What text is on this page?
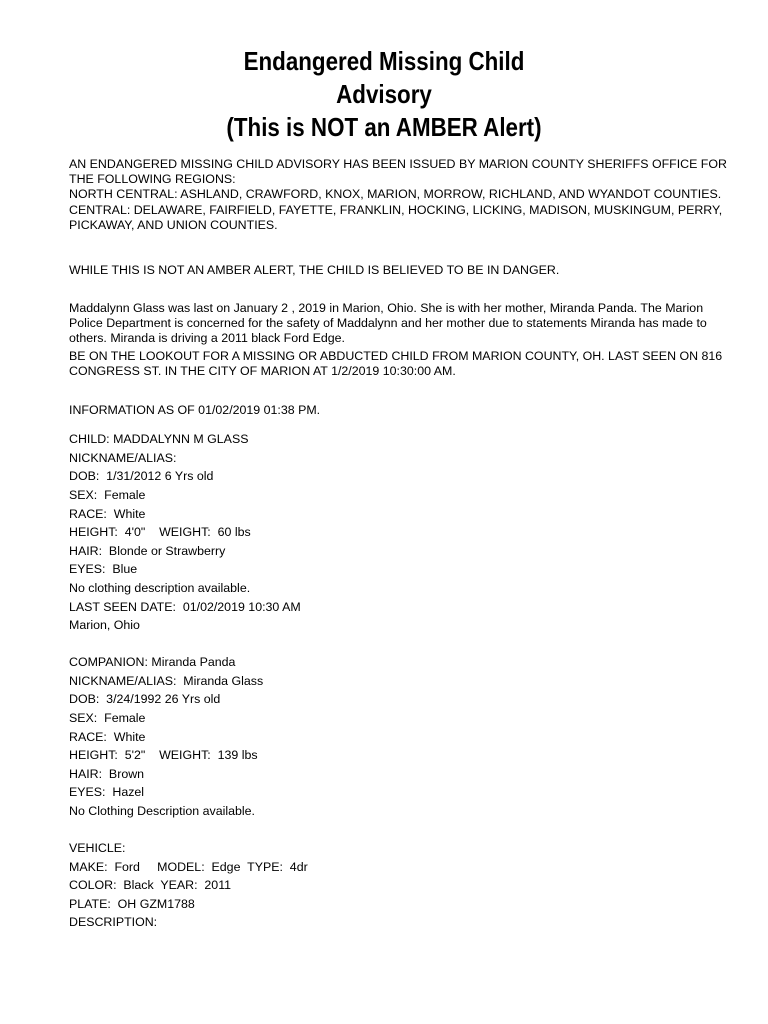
Endangered Missing Child
Advisory
(This is NOT an AMBER Alert)

AN ENDANGERED MISSING CHILD ADVISORY HAS BEEN ISSUED BY MARION COUNTY SHERIFFS OFFICE FOR THE FOLLOWING REGIONS:

NORTH CENTRAL: ASHLAND, CRAWFORD, KNOX, MARION, MORROW, RICHLAND, AND WYANDOT COUNTIES.

CENTRAL: DELAWARE, FAIRFIELD, FAYETTE, FRANKLIN, HOCKING, LICKING, MADISON, MUSKINGUM, PERRY, PICKAWAY, AND UNION COUNTIES.

WHILE THIS IS NOT AN AMBER ALERT, THE CHILD IS BELIEVED TO BE IN DANGER.

Maddalynn Glass was last on January 2 , 2019 in Marion, Ohio. She is with her mother, Miranda Panda. The Marion Police Department is concerned for the safety of Maddalynn and her mother due to statements Miranda has made to others. Miranda is driving a 2011 black Ford Edge.

BE ON THE LOOKOUT FOR A MISSING OR ABDUCTED CHILD FROM MARION COUNTY, OH. LAST SEEN ON 816 CONGRESS ST. IN THE CITY OF MARION AT 1/2/2019 10:30:00 AM.

INFORMATION AS OF 01/02/2019 01:38 PM.
CHILD: MADDALYNN M GLASS
NICKNAME/ALIAS:
DOB:  1/31/2012 6 Yrs old
SEX:  Female
RACE:  White
HEIGHT:  4'0"    WEIGHT:  60 lbs
HAIR:  Blonde or Strawberry
EYES:  Blue
No clothing description available.
LAST SEEN DATE:  01/02/2019 10:30 AM
Marion, Ohio
COMPANION: Miranda Panda
NICKNAME/ALIAS:  Miranda Glass
DOB:  3/24/1992 26 Yrs old
SEX:  Female
RACE:  White
HEIGHT:  5'2"    WEIGHT:  139 lbs
HAIR:  Brown
EYES:  Hazel
No Clothing Description available.
VEHICLE:
MAKE:  Ford     MODEL:  Edge  TYPE:  4dr
COLOR:  Black  YEAR:  2011
PLATE:  OH GZM1788
DESCRIPTION:
